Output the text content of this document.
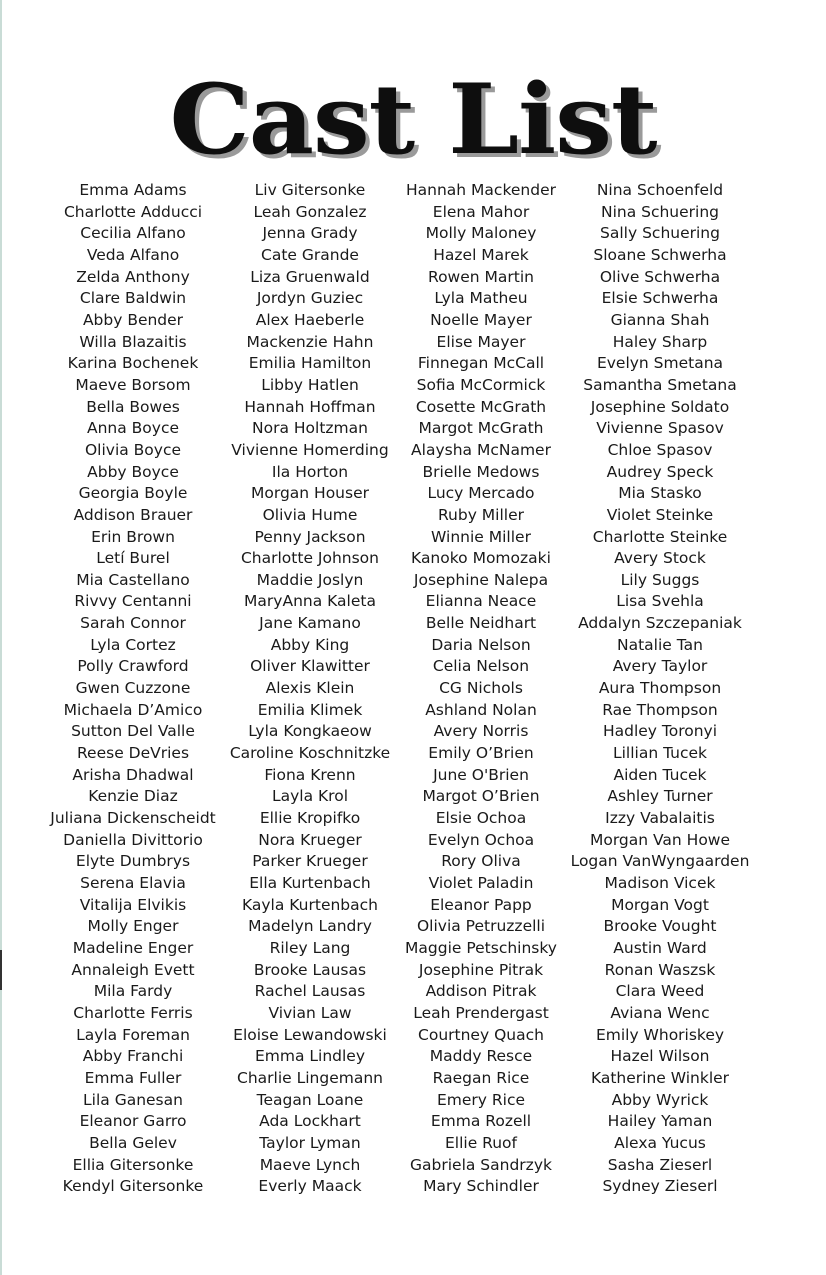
Cast List
Emma Adams
Charlotte Adducci
Cecilia Alfano
Veda Alfano
Zelda Anthony
Clare Baldwin
Abby Bender
Willa Blazaitis
Karina Bochenek
Maeve Borsom
Bella Bowes
Anna Boyce
Olivia Boyce
Abby Boyce
Georgia Boyle
Addison Brauer
Erin Brown
Letí Burel
Mia Castellano
Rivvy Centanni
Sarah Connor
Lyla Cortez
Polly Crawford
Gwen Cuzzone
Michaela D’Amico
Sutton Del Valle
Reese DeVries
Arisha Dhadwal
Kenzie Diaz
Juliana Dickenscheidt
Daniella Divittorio
Elyte Dumbrys
Serena Elavia
Vitalija Elvikis
Molly Enger
Madeline Enger
Annaleigh Evett
Mila Fardy
Charlotte Ferris
Layla Foreman
Abby Franchi
Emma Fuller
Lila Ganesan
Eleanor Garro
Bella Gelev
Ellia Gitersonke
Kendyl Gitersonke
Liv Gitersonke
Leah Gonzalez
Jenna Grady
Cate Grande
Liza Gruenwald
Jordyn Guziec
Alex Haeberle
Mackenzie Hahn
Emilia Hamilton
Libby Hatlen
Hannah Hoffman
Nora Holtzman
Vivienne Homerding
Ila Horton
Morgan Houser
Olivia Hume
Penny Jackson
Charlotte Johnson
Maddie Joslyn
MaryAnna Kaleta
Jane Kamano
Abby King
Oliver Klawitter
Alexis Klein
Emilia Klimek
Lyla Kongkaeow
Caroline Koschnitzke
Fiona Krenn
Layla Krol
Ellie Kropifko
Nora Krueger
Parker Krueger
Ella Kurtenbach
Kayla Kurtenbach
Madelyn Landry
Riley Lang
Brooke Lausas
Rachel Lausas
Vivian Law
Eloise Lewandowski
Emma Lindley
Charlie Lingemann
Teagan Loane
Ada Lockhart
Taylor Lyman
Maeve Lynch
Everly Maack
Hannah Mackender
Elena Mahor
Molly Maloney
Hazel Marek
Rowen Martin
Lyla Matheu
Noelle Mayer
Elise Mayer
Finnegan McCall
Sofia McCormick
Cosette McGrath
Margot McGrath
Alaysha McNamer
Brielle Medows
Lucy Mercado
Ruby Miller
Winnie Miller
Kanoko Momozaki
Josephine Nalepa
Elianna Neace
Belle Neidhart
Daria Nelson
Celia Nelson
CG Nichols
Ashland Nolan
Avery Norris
Emily O’Brien
June O'Brien
Margot O’Brien
Elsie Ochoa
Evelyn Ochoa
Rory Oliva
Violet Paladin
Eleanor Papp
Olivia Petruzzelli
Maggie Petschinsky
Josephine Pitrak
Addison Pitrak
Leah Prendergast
Courtney Quach
Maddy Resce
Raegan Rice
Emery Rice
Emma Rozell
Ellie Ruof
Gabriela Sandrzyk
Mary Schindler
Nina Schoenfeld
Nina Schuering
Sally Schuering
Sloane Schwerha
Olive Schwerha
Elsie Schwerha
Gianna Shah
Haley Sharp
Evelyn Smetana
Samantha Smetana
Josephine Soldato
Vivienne Spasov
Chloe Spasov
Audrey Speck
Mia Stasko
Violet Steinke
Charlotte Steinke
Avery Stock
Lily Suggs
Lisa Svehla
Addalyn Szczepaniak
Natalie Tan
Avery Taylor
Aura Thompson
Rae Thompson
Hadley Toronyi
Lillian Tucek
Aiden Tucek
Ashley Turner
Izzy Vabalaitis
Morgan Van Howe
Logan VanWyngaarden
Madison Vicek
Morgan Vogt
Brooke Vought
Austin Ward
Ronan Waszsk
Clara Weed
Aviana Wenc
Emily Whoriskey
Hazel Wilson
Katherine Winkler
Abby Wyrick
Hailey Yaman
Alexa Yucus
Sasha Zieserl
Sydney Zieserl
